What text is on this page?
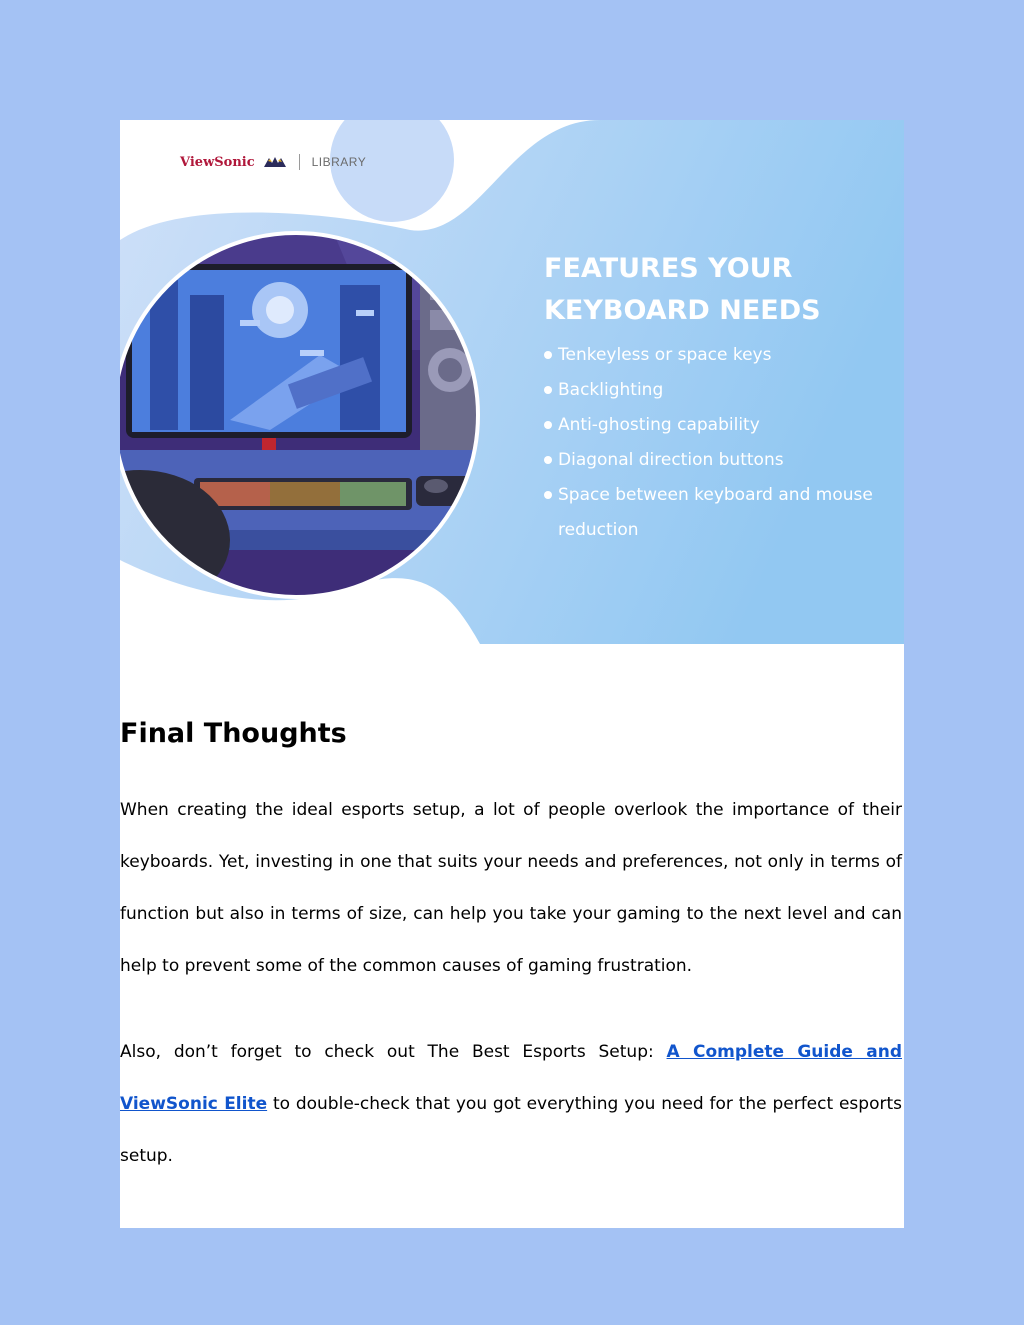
ViewSonic	LIBRARY
FEATURES YOUR KEYBOARD NEEDS
Tenkeyless or space keys
Backlighting
Anti-ghosting capability
Diagonal direction buttons
Space between keyboard and mouse reduction
Final Thoughts

When creating the ideal esports setup, a lot of people overlook the importance of their keyboards. Yet, investing in one that suits your needs and preferences, not only in terms of function but also in terms of size, can help you take your gaming to the next level and can help to prevent some of the common causes of gaming frustration.

Also, don’t forget to check out The Best Esports Setup: A Complete Guide and ViewSonic Elite to double-check that you got everything you need for the perfect esports setup.
